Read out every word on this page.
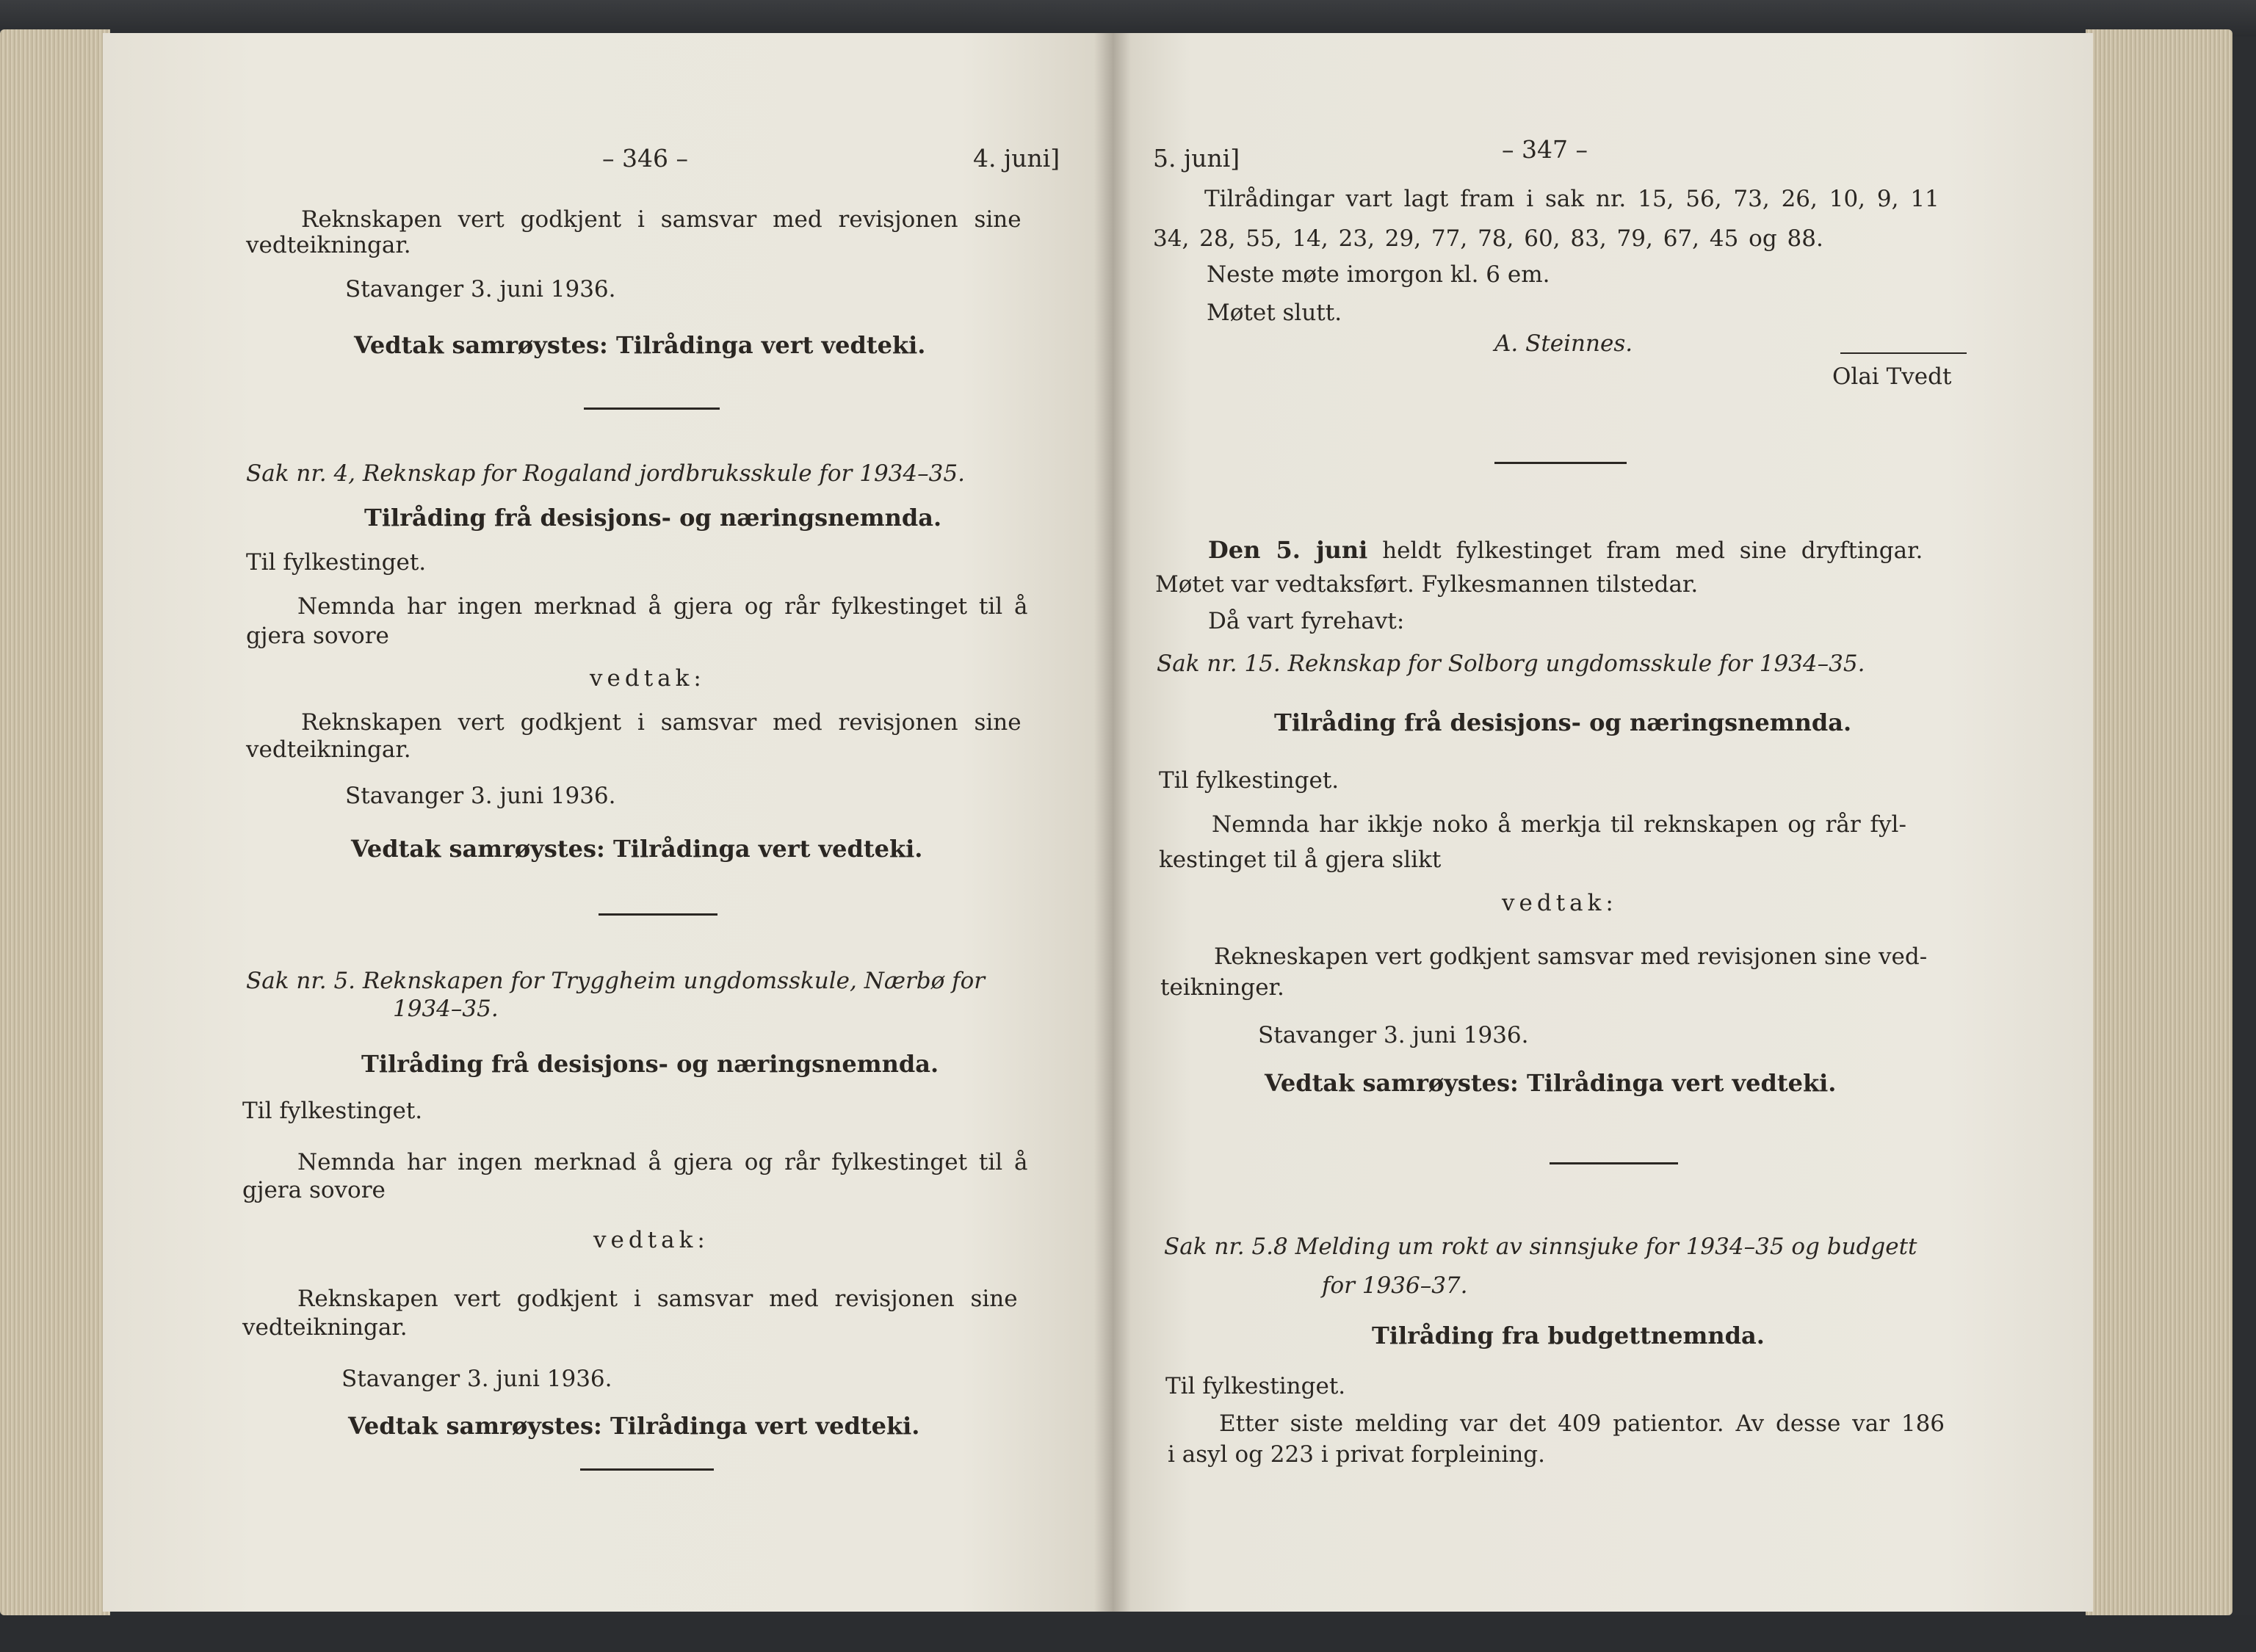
– 346 –	4. juni]
Reknskapen vert godkjent i samsvar med revisjonen sine
vedteikningar.
Stavanger 3. juni 1936.
Vedtak samrøystes: Tilrådinga vert vedteki.
Sak nr. 4, Reknskap for Rogaland jordbruksskule for 1934–35.
Tilråding frå desisjons- og næringsnemnda.
Til fylkestinget.
Nemnda har ingen merknad å gjera og rår fylkestinget til å
gjera sovore
vedtak:
Reknskapen vert godkjent i samsvar med revisjonen sine
vedteikningar.
Stavanger 3. juni 1936.
Vedtak samrøystes: Tilrådinga vert vedteki.
Sak nr. 5. Reknskapen for Tryggheim ungdomsskule, Nærbø for
1934–35.
Tilråding frå desisjons- og næringsnemnda.
Til fylkestinget.
Nemnda har ingen merknad å gjera og rår fylkestinget til å
gjera sovore
vedtak:
Reknskapen vert godkjent i samsvar med revisjonen sine
vedteikningar.
Stavanger 3. juni 1936.
Vedtak samrøystes: Tilrådinga vert vedteki.
5. juni]	– 347 –
Tilrådingar vart lagt fram i sak nr. 15, 56, 73, 26, 10, 9, 11
34, 28, 55, 14, 23, 29, 77, 78, 60, 83, 79, 67, 45 og 88.
Neste møte imorgon kl. 6 em.
Møtet slutt.
A. Steinnes.
Olai Tvedt
Den 5. juni heldt fylkestinget fram med sine dryftingar.
Møtet var vedtaksført. Fylkesmannen tilstedar.
Då vart fyrehavt:
Sak nr. 15. Reknskap for Solborg ungdomsskule for 1934–35.
Tilråding frå desisjons- og næringsnemnda.
Til fylkestinget.
Nemnda har ikkje noko å merkja til reknskapen og rår fyl-
kestinget til å gjera slikt
vedtak:
Rekneskapen vert godkjent samsvar med revisjonen sine ved-
teikninger.
Stavanger 3. juni 1936.
Vedtak samrøystes: Tilrådinga vert vedteki.
Sak nr. 5.8 Melding um rokt av sinnsjuke for 1934–35 og budgett
for 1936–37.
Tilråding fra budgettnemnda.
Til fylkestinget.
Etter siste melding var det 409 patientor. Av desse var 186
i asyl og 223 i privat forpleining.
